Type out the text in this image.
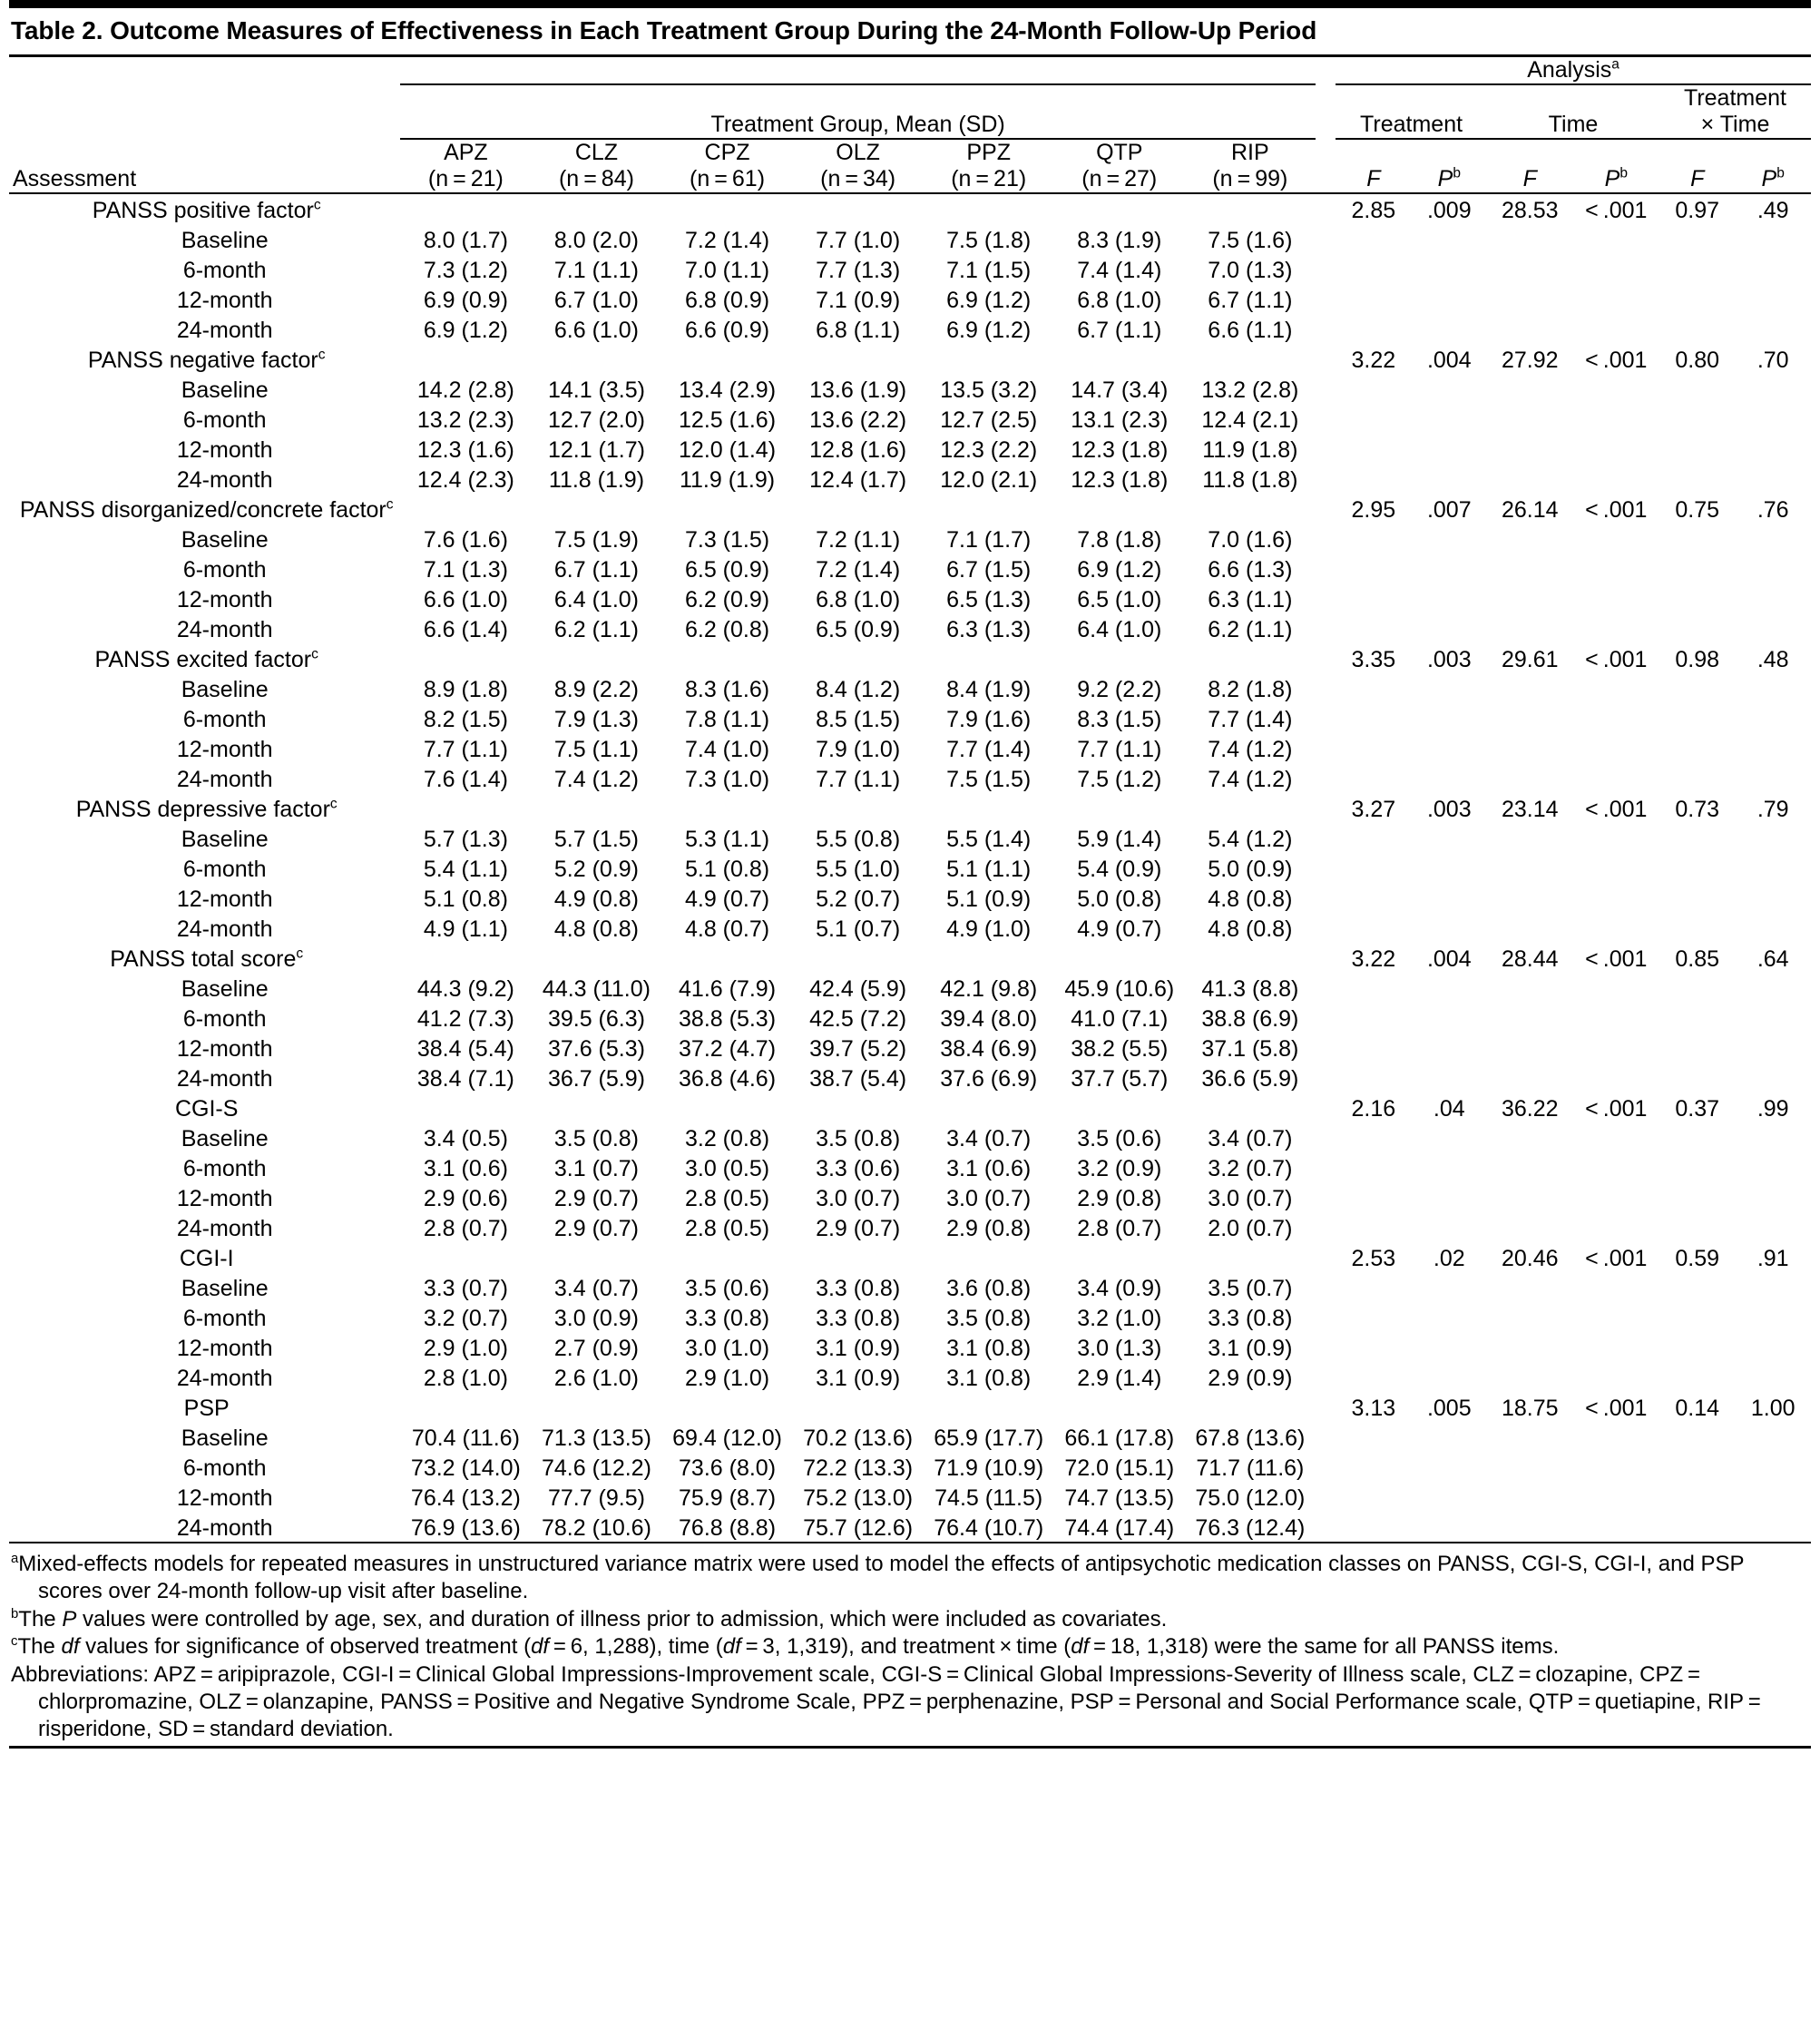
Table 2. Outcome Measures of Effectiveness in Each Treatment Group During the 24-Month Follow-Up Period
									Analysis$^a$

	Treatment Group, Mean (SD)								Treatment		Time		Treatment
× Time	

	APZ	CLZ	CPZ	OLZ	PPZ	QTP	RIP							
Assessment	(n = 21)	(n = 84)	(n = 61)	(n = 34)	(n = 21)	(n = 27)	(n = 99)		F	$P^b$	F	$P^b$	F	$P^b$

PANSS positive factor$^c$									2.85	.009	28.53	< .001	0.97	.49
Baseline	8.0 (1.7)	8.0 (2.0)	7.2 (1.4)	7.7 (1.0)	7.5 (1.8)	8.3 (1.9)	7.5 (1.6)							
6-month	7.3 (1.2)	7.1 (1.1)	7.0 (1.1)	7.7 (1.3)	7.1 (1.5)	7.4 (1.4)	7.0 (1.3)							
12-month	6.9 (0.9)	6.7 (1.0)	6.8 (0.9)	7.1 (0.9)	6.9 (1.2)	6.8 (1.0)	6.7 (1.1)							
24-month	6.9 (1.2)	6.6 (1.0)	6.6 (0.9)	6.8 (1.1)	6.9 (1.2)	6.7 (1.1)	6.6 (1.1)							
PANSS negative factor$^c$									3.22	.004	27.92	< .001	0.80	.70
Baseline	14.2 (2.8)	14.1 (3.5)	13.4 (2.9)	13.6 (1.9)	13.5 (3.2)	14.7 (3.4)	13.2 (2.8)							
6-month	13.2 (2.3)	12.7 (2.0)	12.5 (1.6)	13.6 (2.2)	12.7 (2.5)	13.1 (2.3)	12.4 (2.1)							
12-month	12.3 (1.6)	12.1 (1.7)	12.0 (1.4)	12.8 (1.6)	12.3 (2.2)	12.3 (1.8)	11.9 (1.8)							
24-month	12.4 (2.3)	11.8 (1.9)	11.9 (1.9)	12.4 (1.7)	12.0 (2.1)	12.3 (1.8)	11.8 (1.8)							
PANSS disorganized/concrete factor$^c$									2.95	.007	26.14	< .001	0.75	.76
Baseline	7.6 (1.6)	7.5 (1.9)	7.3 (1.5)	7.2 (1.1)	7.1 (1.7)	7.8 (1.8)	7.0 (1.6)							
6-month	7.1 (1.3)	6.7 (1.1)	6.5 (0.9)	7.2 (1.4)	6.7 (1.5)	6.9 (1.2)	6.6 (1.3)							
12-month	6.6 (1.0)	6.4 (1.0)	6.2 (0.9)	6.8 (1.0)	6.5 (1.3)	6.5 (1.0)	6.3 (1.1)							
24-month	6.6 (1.4)	6.2 (1.1)	6.2 (0.8)	6.5 (0.9)	6.3 (1.3)	6.4 (1.0)	6.2 (1.1)							
PANSS excited factor$^c$									3.35	.003	29.61	< .001	0.98	.48
Baseline	8.9 (1.8)	8.9 (2.2)	8.3 (1.6)	8.4 (1.2)	8.4 (1.9)	9.2 (2.2)	8.2 (1.8)							
6-month	8.2 (1.5)	7.9 (1.3)	7.8 (1.1)	8.5 (1.5)	7.9 (1.6)	8.3 (1.5)	7.7 (1.4)							
12-month	7.7 (1.1)	7.5 (1.1)	7.4 (1.0)	7.9 (1.0)	7.7 (1.4)	7.7 (1.1)	7.4 (1.2)							
24-month	7.6 (1.4)	7.4 (1.2)	7.3 (1.0)	7.7 (1.1)	7.5 (1.5)	7.5 (1.2)	7.4 (1.2)							
PANSS depressive factor$^c$									3.27	.003	23.14	< .001	0.73	.79
Baseline	5.7 (1.3)	5.7 (1.5)	5.3 (1.1)	5.5 (0.8)	5.5 (1.4)	5.9 (1.4)	5.4 (1.2)							
6-month	5.4 (1.1)	5.2 (0.9)	5.1 (0.8)	5.5 (1.0)	5.1 (1.1)	5.4 (0.9)	5.0 (0.9)							
12-month	5.1 (0.8)	4.9 (0.8)	4.9 (0.7)	5.2 (0.7)	5.1 (0.9)	5.0 (0.8)	4.8 (0.8)							
24-month	4.9 (1.1)	4.8 (0.8)	4.8 (0.7)	5.1 (0.7)	4.9 (1.0)	4.9 (0.7)	4.8 (0.8)							
PANSS total score$^c$									3.22	.004	28.44	< .001	0.85	.64
Baseline	44.3 (9.2)	44.3 (11.0)	41.6 (7.9)	42.4 (5.9)	42.1 (9.8)	45.9 (10.6)	41.3 (8.8)							
6-month	41.2 (7.3)	39.5 (6.3)	38.8 (5.3)	42.5 (7.2)	39.4 (8.0)	41.0 (7.1)	38.8 (6.9)							
12-month	38.4 (5.4)	37.6 (5.3)	37.2 (4.7)	39.7 (5.2)	38.4 (6.9)	38.2 (5.5)	37.1 (5.8)							
24-month	38.4 (7.1)	36.7 (5.9)	36.8 (4.6)	38.7 (5.4)	37.6 (6.9)	37.7 (5.7)	36.6 (5.9)							
CGI-S									2.16	.04	36.22	< .001	0.37	.99
Baseline	3.4 (0.5)	3.5 (0.8)	3.2 (0.8)	3.5 (0.8)	3.4 (0.7)	3.5 (0.6)	3.4 (0.7)							
6-month	3.1 (0.6)	3.1 (0.7)	3.0 (0.5)	3.3 (0.6)	3.1 (0.6)	3.2 (0.9)	3.2 (0.7)							
12-month	2.9 (0.6)	2.9 (0.7)	2.8 (0.5)	3.0 (0.7)	3.0 (0.7)	2.9 (0.8)	3.0 (0.7)							
24-month	2.8 (0.7)	2.9 (0.7)	2.8 (0.5)	2.9 (0.7)	2.9 (0.8)	2.8 (0.7)	2.0 (0.7)							
CGI-I									2.53	.02	20.46	< .001	0.59	.91
Baseline	3.3 (0.7)	3.4 (0.7)	3.5 (0.6)	3.3 (0.8)	3.6 (0.8)	3.4 (0.9)	3.5 (0.7)							
6-month	3.2 (0.7)	3.0 (0.9)	3.3 (0.8)	3.3 (0.8)	3.5 (0.8)	3.2 (1.0)	3.3 (0.8)							
12-month	2.9 (1.0)	2.7 (0.9)	3.0 (1.0)	3.1 (0.9)	3.1 (0.8)	3.0 (1.3)	3.1 (0.9)							
24-month	2.8 (1.0)	2.6 (1.0)	2.9 (1.0)	3.1 (0.9)	3.1 (0.8)	2.9 (1.4)	2.9 (0.9)							
PSP									3.13	.005	18.75	< .001	0.14	1.00
Baseline	70.4 (11.6)	71.3 (13.5)	69.4 (12.0)	70.2 (13.6)	65.9 (17.7)	66.1 (17.8)	67.8 (13.6)							
6-month	73.2 (14.0)	74.6 (12.2)	73.6 (8.0)	72.2 (13.3)	71.9 (10.9)	72.0 (15.1)	71.7 (11.6)							
12-month	76.4 (13.2)	77.7 (9.5)	75.9 (8.7)	75.2 (13.0)	74.5 (11.5)	74.7 (13.5)	75.0 (12.0)							
24-month	76.9 (13.6)	78.2 (10.6)	76.8 (8.8)	75.7 (12.6)	76.4 (10.7)	74.4 (17.4)	76.3 (12.4)							

$^a$Mixed-effects models for repeated measures in unstructured variance matrix were used to model the effects of antipsychotic medication classes on PANSS, CGI-S, CGI-I, and PSP scores over 24-month follow-up visit after baseline.

$^b$The P values were controlled by age, sex, and duration of illness prior to admission, which were included as covariates.

$^c$The df values for significance of observed treatment (df = 6, 1,288), time (df = 3, 1,319), and treatment × time (df = 18, 1,318) were the same for all PANSS items.

Abbreviations: APZ = aripiprazole, CGI-I = Clinical Global Impressions-Improvement scale, CGI-S = Clinical Global Impressions-Severity of Illness scale, CLZ = clozapine, CPZ = chlorpromazine, OLZ = olanzapine, PANSS = Positive and Negative Syndrome Scale, PPZ = perphenazine, PSP = Personal and Social Performance scale, QTP = quetiapine, RIP = risperidone, SD = standard deviation.
